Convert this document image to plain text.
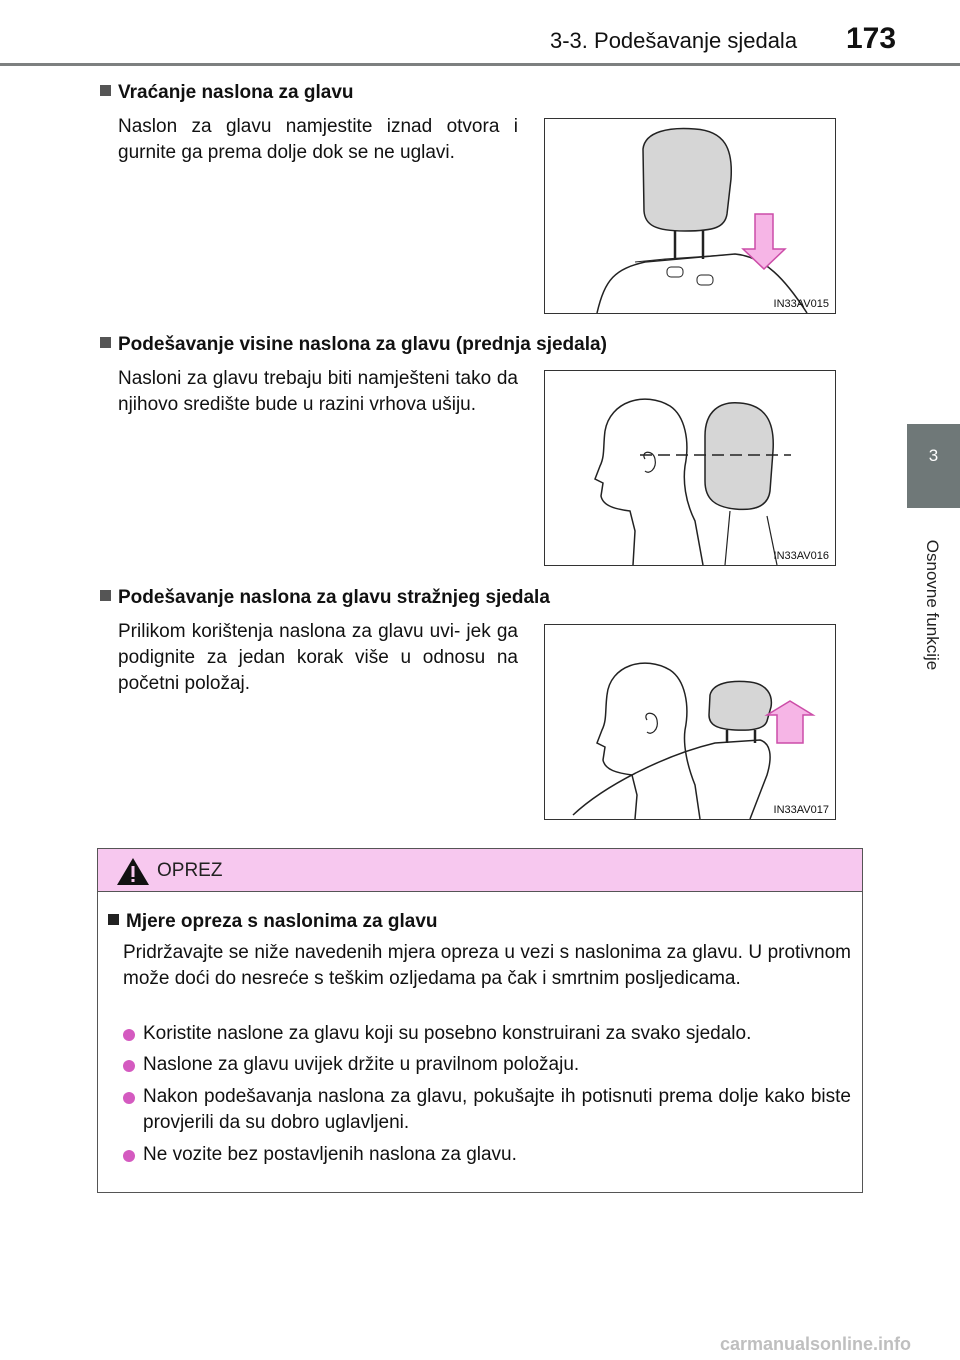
3-3. Podešavanje sjedala 173
3
Osnovne funkcije
Vraćanje naslona za glavu
Naslon za glavu namjestite iznad otvora i gurnite ga prema dolje dok se ne uglavi.
IN33AV015
Podešavanje visine naslona za glavu (prednja sjedala)
Nasloni za glavu trebaju biti namješteni tako da njihovo središte bude u razini vrhova ušiju.
IN33AV016
Podešavanje naslona za glavu stražnjeg sjedala
Prilikom korištenja naslona za glavu uvi- jek ga podignite za jedan korak više u odnosu na početni položaj.
IN33AV017
OPREZ
Mjere opreza s naslonima za glavu
Pridržavajte se niže navedenih mjera opreza u vezi s naslonima za glavu. U protivnom može doći do nesreće s teškim ozljedama pa čak i smrtnim posljedicama.
Koristite naslone za glavu koji su posebno konstruirani za svako sjedalo.
Naslone za glavu uvijek držite u pravilnom položaju.
Nakon podešavanja naslona za glavu, pokušajte ih potisnuti prema dolje kako biste provjerili da su dobro uglavljeni.
Ne vozite bez postavljenih naslona za glavu.
carmanualsonline.info
